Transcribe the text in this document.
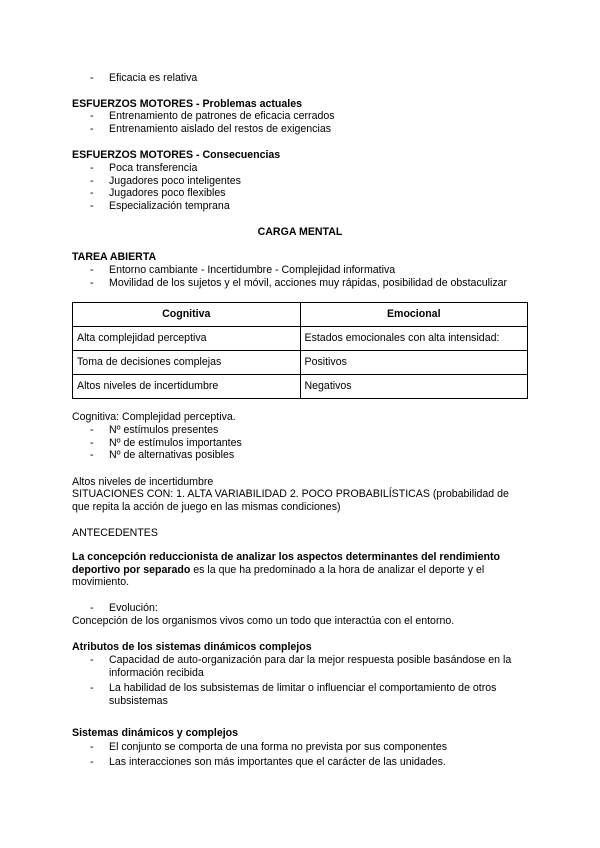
- Eficacia es relativa
ESFUERZOS MOTORES - Problemas actuales
- Entrenamiento de patrones de eficacia cerrados
- Entrenamiento aislado del restos de exigencias
ESFUERZOS MOTORES - Consecuencias
- Poca transferencia
- Jugadores poco inteligentes
- Jugadores poco flexibles
- Especialización temprana
CARGA MENTAL
TAREA ABIERTA
- Entorno cambiante - Incertidumbre - Complejidad informativa
- Movilidad de los sujetos y el móvil, acciones muy rápidas, posibilidad de obstaculizar
Cognitiva	Emocional
Alta complejidad perceptiva	Estados emocionales con alta intensidad:
Toma de decisiones complejas	Positivos
Altos niveles de incertidumbre	Negativos
Cognitiva: Complejidad perceptiva.
- Nº estímulos presentes
- Nº de estímulos importantes
- Nº de alternativas posibles
Altos niveles de incertidumbre
SITUACIONES CON: 1. ALTA VARIABILIDAD 2. POCO PROBABILÍSTICAS (probabilidad de que repita la acción de juego en las mismas condiciones)
ANTECEDENTES
La concepción reduccionista de analizar los aspectos determinantes del rendimiento deportivo por separado es la que ha predominado a la hora de analizar el deporte y el movimiento.
- Evolución:
Concepción de los organismos vivos como un todo que interactúa con el entorno.
Atributos de los sistemas dinámicos complejos
- Capacidad de auto-organización para dar la mejor respuesta posible basándose en la información recibida
- La habilidad de los subsistemas de limitar o influenciar el comportamiento de otros subsistemas
Sistemas dinámicos y complejos
- El conjunto se comporta de una forma no prevista por sus componentes
- Las interacciones son más importantes que el carácter de las unidades.
